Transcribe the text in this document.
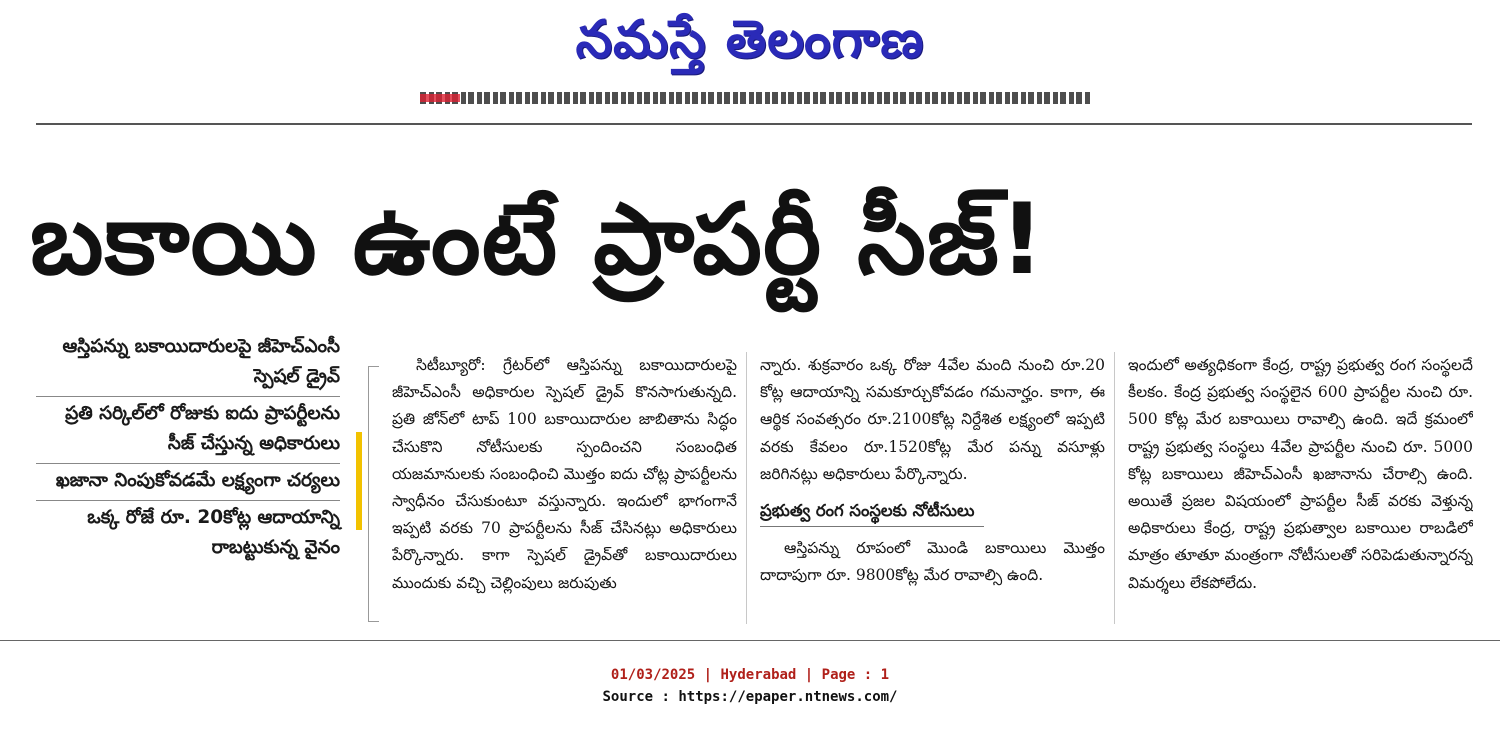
నమస్తే తెలంగాణ
బకాయి ఉంటే ప్రాపర్టీ సీజ్‌!
ఆస్తిపన్ను బకాయిదారులపై జీహెచ్‌ఎంసీ స్పెషల్‌ డ్రైవ్‌
ప్రతి సర్కిల్‌లో రోజుకు ఐదు ప్రాపర్టీలను సీజ్‌ చేస్తున్న అధికారులు
ఖజానా నింపుకోవడమే లక్ష్యంగా చర్యలు
ఒక్క రోజే రూ. 20కోట్ల ఆదాయాన్ని రాబట్టుకున్న వైనం

సిటీబ్యూరో: గ్రేటర్‌లో ఆస్తిపన్ను బకాయిదారులపై జీహెచ్‌ఎంసీ అధికారుల స్పెషల్‌ డ్రైవ్‌ కొనసాగుతున్నది. ప్రతి జోన్‌లో టాప్‌ 100 బకాయిదారుల జాబితాను సిద్ధం చేసుకొని నోటీసులకు స్పందించని సంబంధిత యజమానులకు సంబంధించి మొత్తం ఐదు చోట్ల ప్రాపర్టీలను స్వాధీనం చేసుకుంటూ వస్తున్నారు. ఇందులో భాగంగానే ఇప్పటి వరకు 70 ప్రాపర్టీలను సీజ్‌ చేసినట్లు అధికారులు పేర్కొన్నారు. కాగా స్పెషల్‌ డ్రైవ్‌తో బకాయిదారులు ముందుకు వచ్చి చెల్లింపులు జరుపుతు

న్నారు. శుక్రవారం ఒక్క రోజు 4వేల మంది నుంచి రూ.20 కోట్ల ఆదాయాన్ని సమకూర్చుకోవడం గమనార్హం. కాగా, ఈ ఆర్థిక సంవత్సరం రూ.2100కోట్ల నిర్దేశిత లక్ష్యంలో ఇప్పటి వరకు కేవలం రూ.1520కోట్ల మేర పన్ను వసూళ్లు జరిగినట్లు అధికారులు పేర్కొన్నారు.

ప్రభుత్వ రంగ సంస్థలకు నోటీసులు

ఆస్తిపన్ను రూపంలో మొండి బకాయిలు మొత్తం దాదాపుగా రూ. 9800కోట్ల మేర రావాల్సి ఉంది.

ఇందులో అత్యధికంగా కేంద్ర, రాష్ట్ర ప్రభుత్వ రంగ సంస్థలదే కీలకం. కేంద్ర ప్రభుత్వ సంస్థలైన 600 ప్రాపర్టీల నుంచి రూ. 500 కోట్ల మేర బకాయిలు రావాల్సి ఉంది. ఇదే క్రమంలో రాష్ట్ర ప్రభుత్వ సంస్థలు 4వేల ప్రాపర్టీల నుంచి రూ. 5000 కోట్ల బకాయిలు జీహెచ్‌ఎంసీ ఖజానాను చేరాల్సి ఉంది. అయితే ప్రజల విషయంలో ప్రాపర్టీల సీజ్‌ వరకు వెళ్తున్న అధికారులు కేంద్ర, రాష్ట్ర ప్రభుత్వాల బకాయిల రాబడిలో మాత్రం తూతూ మంత్రంగా నోటీసులతో సరిపెడుతున్నారన్న విమర్శలు లేకపోలేదు.

01/03/2025 | Hyderabad | Page : 1
Source : https://epaper.ntnews.com/
